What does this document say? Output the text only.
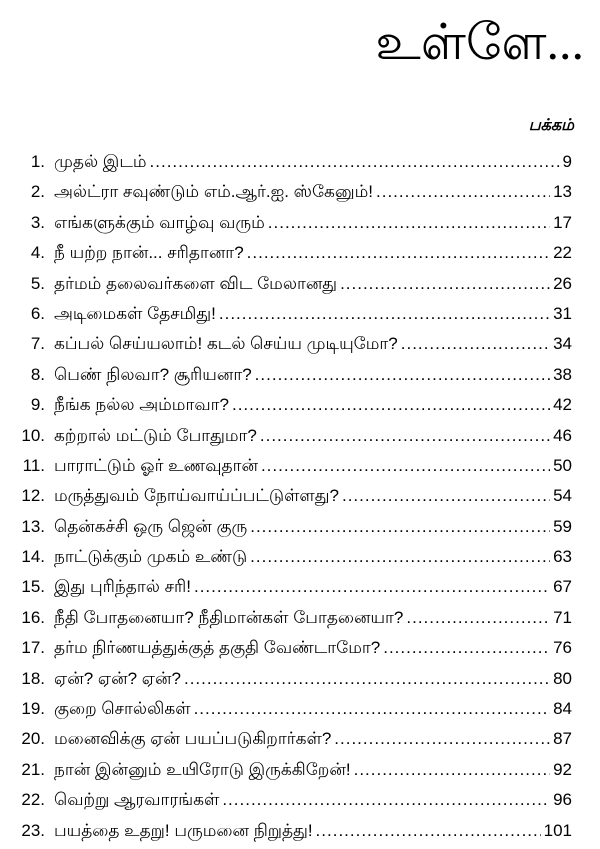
உள்ளே...
பக்கம்
1. முதல் இடம் .....	9
2. அல்ட்ரா சவுண்டும் எம்.ஆர்.ஐ. ஸ்கேனும்! .....	13
3. எங்களுக்கும் வாழ்வு வரும் .....	17
4. நீ யற்ற நான்... சரிதானா? .....	22
5. தர்மம் தலைவர்களை விட மேலானது .....	26
6. அடிமைகள் தேசமிது! .....	31
7. கப்பல் செய்யலாம்! கடல் செய்ய முடியுமோ? .....	34
8. பெண் நிலவா? சூரியனா? .....	38
9. நீங்க நல்ல அம்மாவா? .....	42
10. கற்றால் மட்டும் போதுமா? .....	46
11. பாராட்டும் ஓர் உணவுதான் .....	50
12. மருத்துவம் நோய்வாய்ப்பட்டுள்ளது? .....	54
13. தென்கச்சி ஒரு ஜென் குரு .....	59
14. நாட்டுக்கும் முகம் உண்டு .....	63
15. இது புரிந்தால் சரி! .....	67
16. நீதி போதனையா? நீதிமான்கள் போதனையா? .....	71
17. தர்ம நிர்ணயத்துக்குத் தகுதி வேண்டாமோ? .....	76
18. ஏன்? ஏன்? ஏன்? .....	80
19. குறை சொல்லிகள் .....	84
20. மனைவிக்கு ஏன் பயப்படுகிறார்கள்? .....	87
21. நான் இன்னும் உயிரோடு இருக்கிறேன்! .....	92
22. வெற்று ஆரவாரங்கள் .....	96
23. பயத்தை உதறு! பருமனை நிறுத்து! .....	101
